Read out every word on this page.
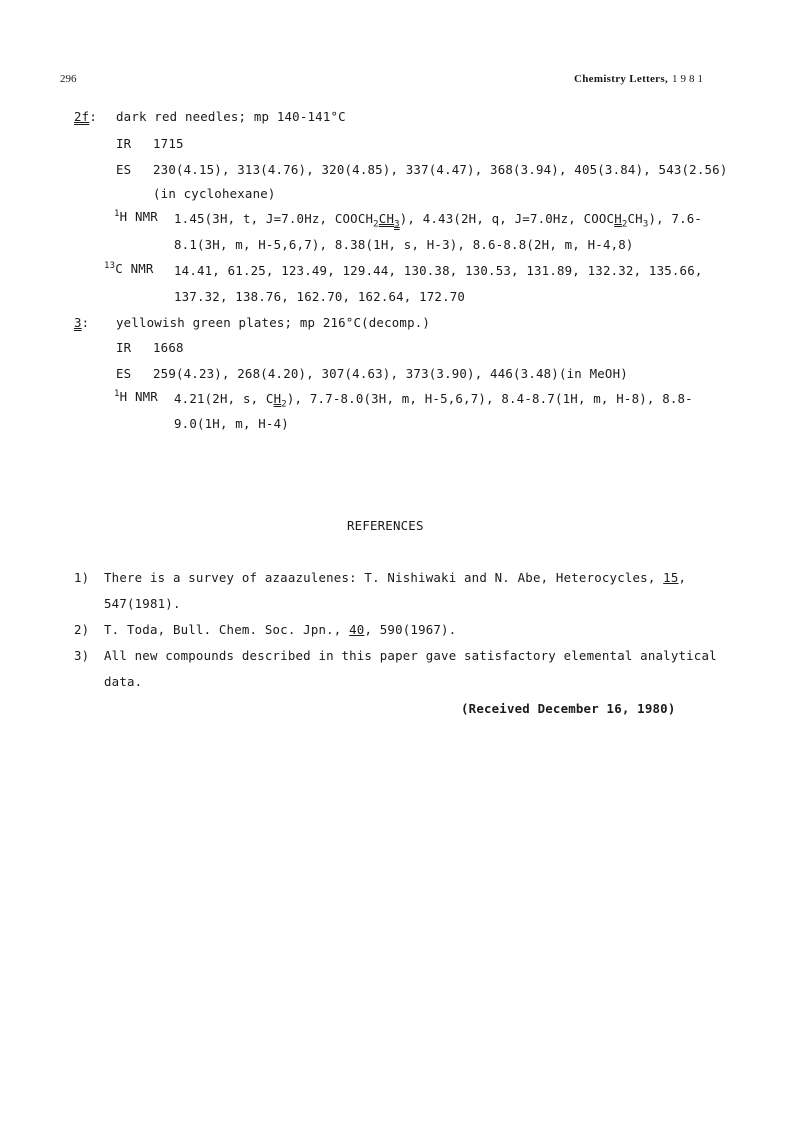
296	Chemistry Letters, 1981
2f: dark red needles; mp 140-141°C
IR 1715
ES 230(4.15), 313(4.76), 320(4.85), 337(4.47), 368(3.94), 405(3.84), 543(2.56)
(in cyclohexane)
$^1$H NMR 1.45(3H, t, J=7.0Hz, $COOCH_2CH_3$), 4.43(2H, q, J=7.0Hz, $COOCH_2CH_3$), 7.6-
8.1(3H, m, H-5,6,7), 8.38(1H, s, H-3), 8.6-8.8(2H, m, H-4,8)
$^{13}$C NMR 14.41, 61.25, 123.49, 129.44, 130.38, 130.53, 131.89, 132.32, 135.66,
137.32, 138.76, 162.70, 162.64, 172.70
3: yellowish green plates; mp 216°C(decomp.)
IR 1668
ES 259(4.23), 268(4.20), 307(4.63), 373(3.90), 446(3.48)(in MeOH)
$^1$H NMR 4.21(2H, s, $CH_2$), 7.7-8.0(3H, m, H-5,6,7), 8.4-8.7(1H, m, H-8), 8.8-
9.0(1H, m, H-4)
REFERENCES
1) There is a survey of azaazulenes: T. Nishiwaki and N. Abe, Heterocycles, 15,
547(1981).
2) T. Toda, Bull. Chem. Soc. Jpn., 40, 590(1967).
3) All new compounds described in this paper gave satisfactory elemental analytical
data.
(Received December 16, 1980)
